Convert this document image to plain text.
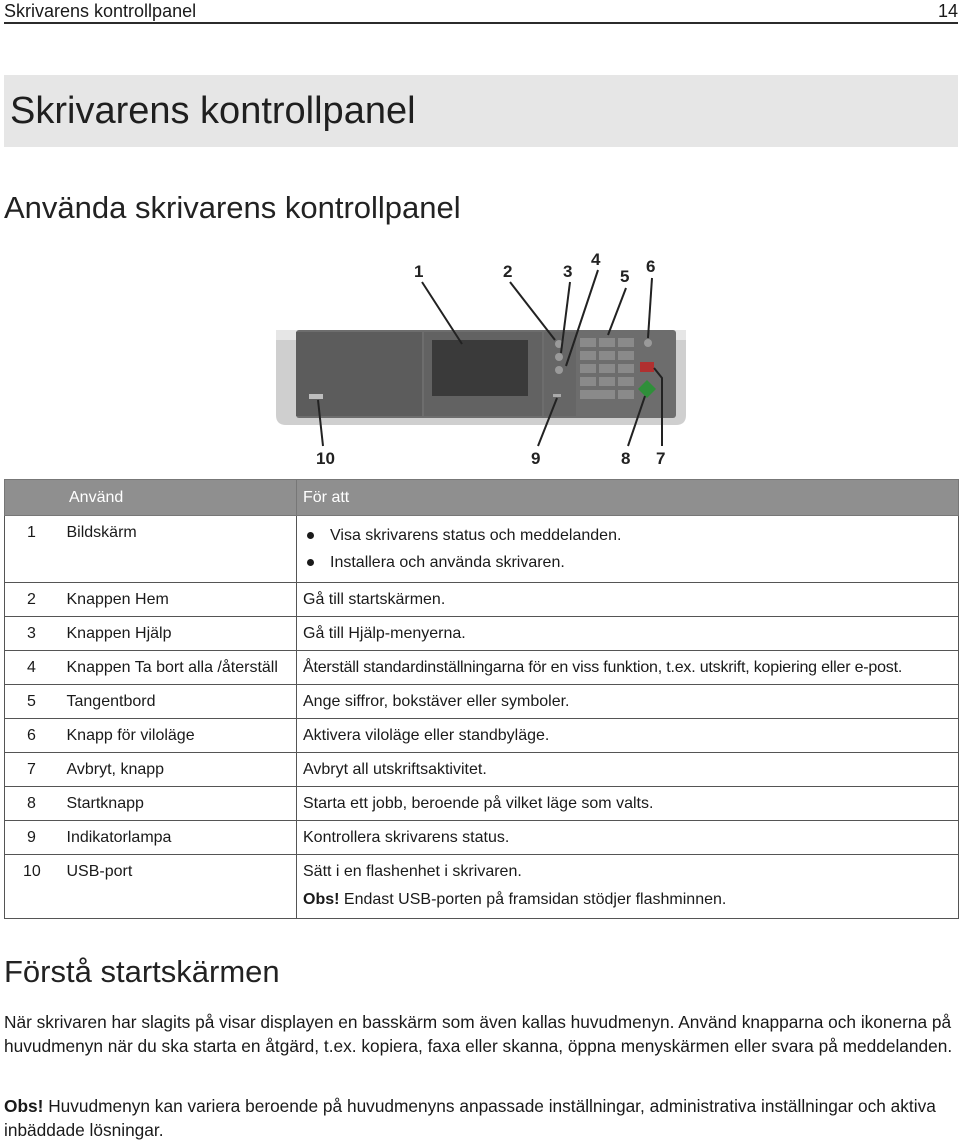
Skrivarens kontrollpanel	14
Skrivarens kontrollpanel
Använda skrivarens kontrollpanel
1	2	3
4
5
6
10	9	8 7
Använd		För att
1	Bildskärm	Visa skrivarens status och meddelanden.
Installera och använda skrivaren.

2	Knappen Hem	Gå till startskärmen.
3	Knappen Hjälp	Gå till Hjälp-menyerna.
4	Knappen Ta bort alla /återställ	Återställ standardinställningarna för en viss funktion, t.ex. utskrift, kopiering eller e-post.
5	Tangentbord	Ange siffror, bokstäver eller symboler.
6	Knapp för viloläge	Aktivera viloläge eller standbyläge.
7	Avbryt, knapp	Avbryt all utskriftsaktivitet.
8	Startknapp	Starta ett jobb, beroende på vilket läge som valts.
9	Indikatorlampa	Kontrollera skrivarens status.
10	USB-port	Sätt i en flashenhet i skrivaren.
Obs! Endast USB-porten på framsidan stödjer flashminnen.
Förstå startskärmen

När skrivaren har slagits på visar displayen en basskärm som även kallas huvudmenyn. Använd knapparna och ikonerna på huvudmenyn när du ska starta en åtgärd, t.ex. kopiera, faxa eller skanna, öppna menyskärmen eller svara på meddelanden.

Obs! Huvudmenyn kan variera beroende på huvudmenyns anpassade inställningar, administrativa inställningar och aktiva inbäddade lösningar.
